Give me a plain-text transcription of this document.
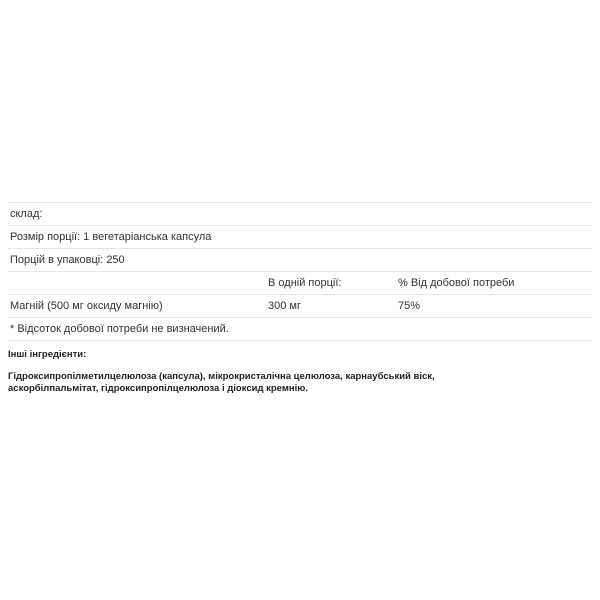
склад:		
Розмір порції: 1 вегетаріанська капсула		
Порцій в упаковці: 250		
	В одній порції:	% Від добової потреби
Магній (500 мг оксиду магнію)	300 мг	75%
* Відсоток добової потреби не визначений.		

Інші інгредієнти:

Гідроксипропілметилцелюлоза (капсула), мікрокристалічна целюлоза, карнаубський віск, аскорбілпальмітат, гідроксипропілцелюлоза і діоксид кремнію.
